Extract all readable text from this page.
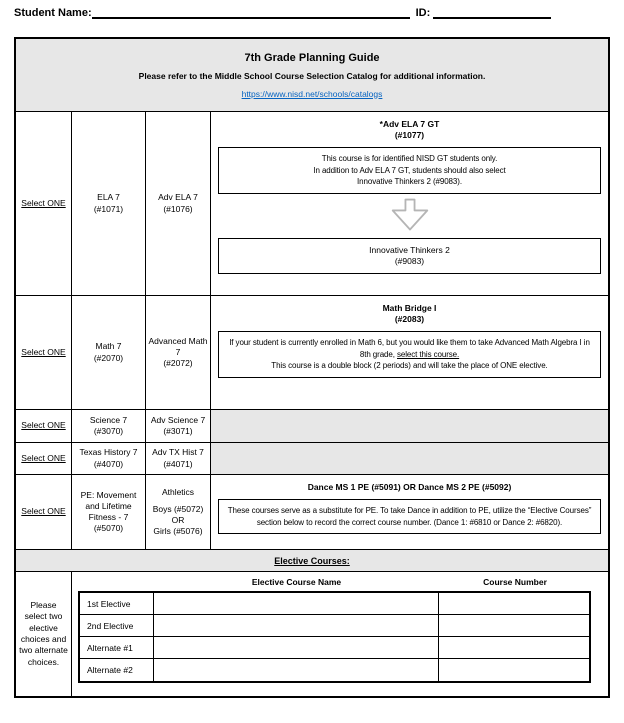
Student Name:	ID:
7th Grade Planning Guide
Please refer to the Middle School Course Selection Catalog for additional information.
https://www.nisd.net/schools/catalogs
Select ONE
ELA 7
(#1071)
Adv ELA 7
(#1076)
*Adv ELA 7 GT
(#1077)
This course is for identified NISD GT students only.
In addition to Adv ELA 7 GT, students should also select
Innovative Thinkers 2 (#9083).
Innovative Thinkers 2
(#9083)
Select ONE
Math 7
(#2070)
Advanced Math 7
(#2072)
Math Bridge I
(#2083)
If your student is currently enrolled in Math 6, but you would like them to take Advanced Math Algebra I in 8th grade, select this course.
This course is a double block (2 periods) and will take the place of ONE elective.
Select ONE
Science 7
(#3070)
Adv Science 7
(#3071)
Select ONE
Texas History 7
(#4070)
Adv TX Hist 7
(#4071)
Select ONE
PE: Movement and Lifetime Fitness - 7
(#5070)
Athletics
Boys (#5072)
OR
Girls (#5076)
Dance MS 1 PE (#5091) OR Dance MS 2 PE (#5092)
These courses serve as a substitute for PE. To take Dance in addition to PE, utilize the “Elective Courses” section below to record the correct course number. (Dance 1: #6810 or Dance 2: #6820).
Elective Courses:
Please select two elective choices and two alternate choices.
Elective Course Name	Course Number
1st Elective
2nd Elective
Alternate #1
Alternate #2
